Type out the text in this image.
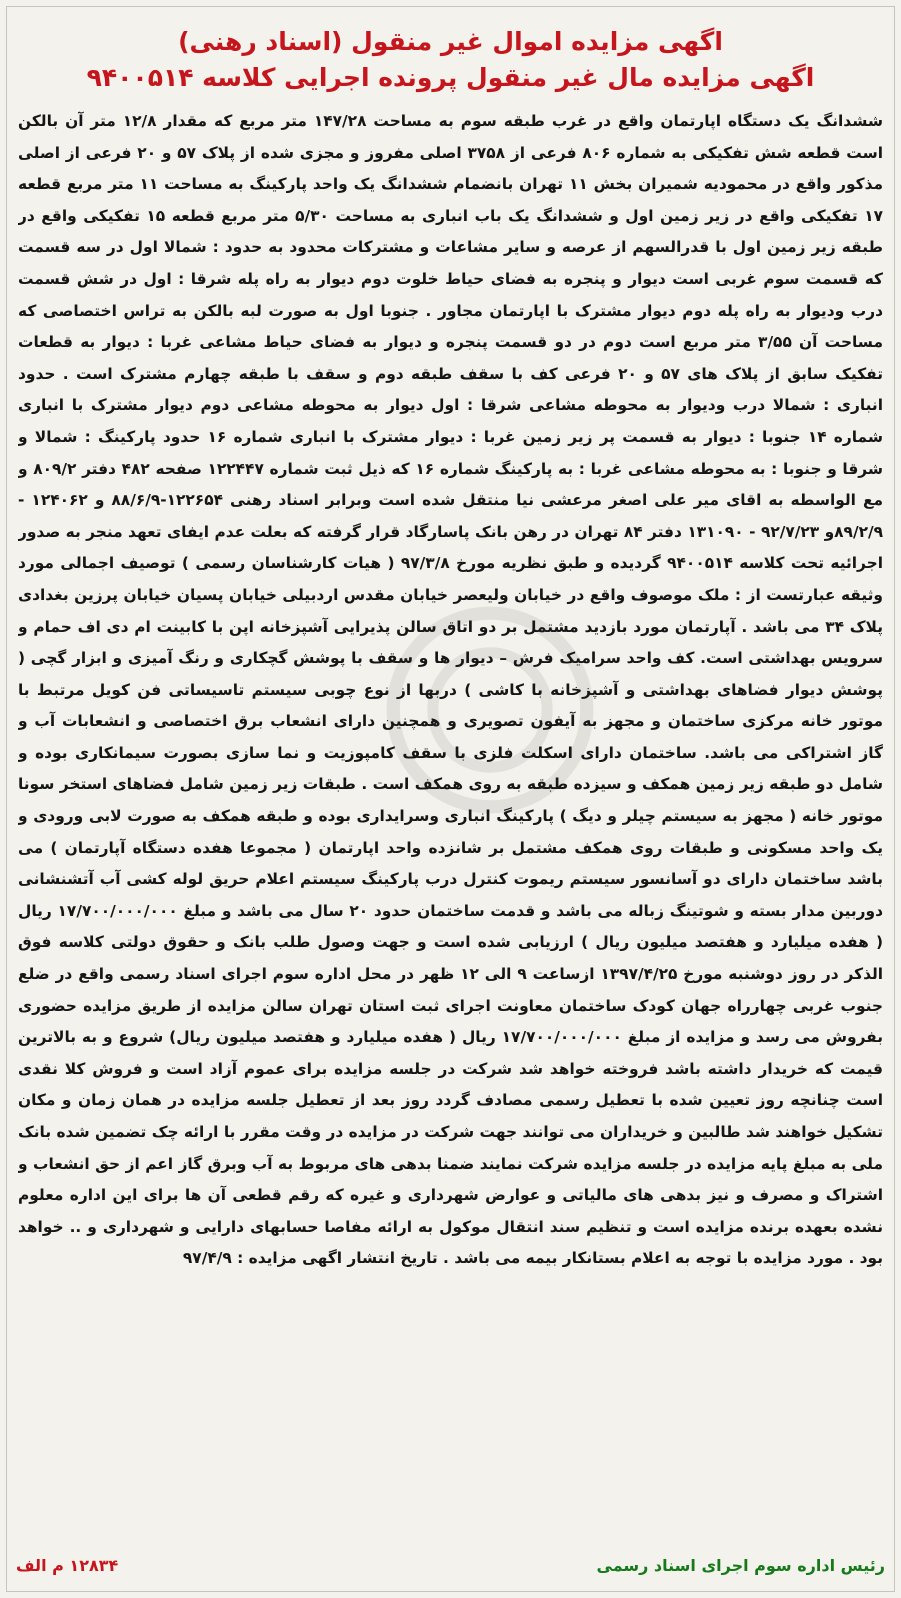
اگهی مزایده اموال غیر منقول (اسناد رهنی)
اگهی مزایده مال غیر منقول پرونده اجرایی کلاسه ۹۴۰۰۵۱۴

ششدانگ یک دستگاه اپارتمان واقع در غرب طبقه سوم به مساحت ۱۴۷/۲۸ متر مربع که مقدار ۱۲/۸ متر آن بالکن است قطعه شش تفکیکی به شماره ۸۰۶ فرعی از ۳۷۵۸ اصلی مفروز و مجزی شده از پلاک ۵۷ و ۲۰ فرعی از اصلی مذکور واقع در محمودیه شمیران بخش ۱۱ تهران بانضمام ششدانگ یک واحد پارکینگ به مساحت ۱۱ متر مربع قطعه ۱۷ تفکیکی واقع در زیر زمین اول و ششدانگ یک باب انباری به مساحت ۵/۳۰ متر مربع قطعه ۱۵ تفکیکی واقع در طبقه زیر زمین اول با قدرالسهم از عرصه و سایر مشاعات و مشترکات محدود به حدود : شمالا اول در سه قسمت که قسمت سوم غربی است دیوار و پنجره به فضای حیاط خلوت دوم دیوار به راه پله شرقا : اول در شش قسمت درب ودیوار به راه پله دوم دیوار مشترک با اپارتمان مجاور . جنوبا اول به صورت لبه بالکن به تراس اختصاصی که مساحت آن ۳/۵۵ متر مربع است دوم در دو قسمت پنجره و دیوار به فضای حیاط مشاعی غربا : دیوار به قطعات تفکیک سابق از پلاک های ۵۷ و ۲۰ فرعی کف با سقف طبقه دوم و سقف با طبقه چهارم مشترک است . حدود انباری : شمالا درب ودیوار به محوطه مشاعی شرقا : اول دیوار به محوطه مشاعی دوم دیوار مشترک با انباری شماره ۱۴ جنوبا : دیوار به قسمت پر زیر زمین غربا : دیوار مشترک با انباری شماره ۱۶ حدود پارکینگ : شمالا و شرقا و جنوبا : به محوطه مشاعی غربا : به پارکینگ شماره ۱۶ که ذیل ثبت شماره ۱۲۲۴۴۷ صفحه ۴۸۲ دفتر ۸۰۹/۲ و مع الواسطه به اقای میر علی اصغر مرعشی نیا منتقل شده است وبرابر اسناد رهنی ۱۲۲۶۵۴-۸۸/۶/۹ و ۱۲۴۰۶۲ - ۸۹/۲/۹و ۹۲/۷/۲۳ - ۱۳۱۰۹۰ دفتر ۸۴ تهران در رهن بانک پاسارگاد قرار گرفته که بعلت عدم ایفای تعهد منجر به صدور اجرائیه تحت کلاسه ۹۴۰۰۵۱۴ گردیده و طبق نظریه مورخ ۹۷/۳/۸ ( هیات کارشناسان رسمی ) توصیف اجمالی مورد وثیقه عبارتست از : ملک موصوف واقع در خیابان ولیعصر خیابان مقدس اردبیلی خیابان پسیان خیابان پرزین بغدادی پلاک ۳۴ می باشد . آپارتمان مورد بازدید مشتمل بر دو اتاق سالن پذیرایی آشپزخانه اپن با کابینت ام دی اف حمام و سرویس بهداشتی است. کف واحد سرامیک فرش – دیوار ها و سقف با پوشش گچکاری و رنگ آمیزی و ابزار گچی ( پوشش دیوار فضاهای بهداشتی و آشپزخانه با کاشی ) دربها از نوع چوبی سیستم تاسیساتی فن کویل مرتبط با موتور خانه مرکزی ساختمان و مجهز به آیفون تصویری و همچنین دارای انشعاب برق اختصاصی و انشعابات آب و گاز اشتراکی می باشد. ساختمان دارای اسکلت فلزی با سقف کامپوزیت و نما سازی بصورت سیمانکاری بوده و شامل دو طبقه زیر زمین همکف و سیزده طبقه به روی همکف است . طبقات زیر زمین شامل فضاهای استخر سونا موتور خانه ( مجهز به سیستم چیلر و دیگ ) پارکینگ انباری وسرایداری بوده و طبقه همکف به صورت لابی ورودی و یک واحد مسکونی و طبقات روی همکف مشتمل بر شانزده واحد اپارتمان ( مجموعا هفده دستگاه آپارتمان ) می باشد ساختمان دارای دو آسانسور سیستم ریموت کنترل درب پارکینگ سیستم اعلام حریق لوله کشی آب آتشنشانی دوربین مدار بسته و شوتینگ زباله می باشد و قدمت ساختمان حدود ۲۰ سال می باشد و مبلغ ۱۷/۷۰۰/۰۰۰/۰۰۰ ریال ( هفده میلیارد و هفتصد میلیون ریال ) ارزیابی شده است و جهت وصول طلب بانک و حقوق دولتی کلاسه فوق الذکر در روز دوشنبه مورخ ۱۳۹۷/۴/۲۵ ازساعت ۹ الی ۱۲ ظهر در محل اداره سوم اجرای اسناد رسمی واقع در ضلع جنوب غربی چهارراه جهان کودک ساختمان معاونت اجرای ثبت استان تهران سالن مزایده از طریق مزایده حضوری بفروش می رسد و مزایده از مبلغ ۱۷/۷۰۰/۰۰۰/۰۰۰ ریال ( هفده میلیارد و هفتصد میلیون ریال) شروع و به بالاترین قیمت که خریدار داشته باشد فروخته خواهد شد شرکت در جلسه مزایده برای عموم آزاد است و فروش کلا نقدی است چنانچه روز تعیین شده با تعطیل رسمی مصادف گردد روز بعد از تعطیل جلسه مزایده در همان زمان و مکان تشکیل خواهند شد طالبین و خریداران می توانند جهت شرکت در مزایده در وقت مقرر با ارائه چک تضمین شده بانک ملی به مبلغ پایه مزایده در جلسه مزایده شرکت نمایند ضمنا بدهی های مربوط به آب وبرق گاز اعم از حق انشعاب و اشتراک و مصرف و نیز بدهی های مالیاتی و عوارض شهرداری و غیره که رقم قطعی آن ها برای این اداره معلوم نشده بعهده برنده مزایده است و تنظیم سند انتقال موکول به ارائه مفاصا حسابهای دارایی و شهرداری و .. خواهد بود . مورد مزایده با توجه به اعلام بستانکار بیمه می باشد . تاریخ انتشار اگهی مزایده : ۹۷/۴/۹

رئیس اداره سوم اجرای اسناد رسمی
۱۲۸۳۴ م الف
